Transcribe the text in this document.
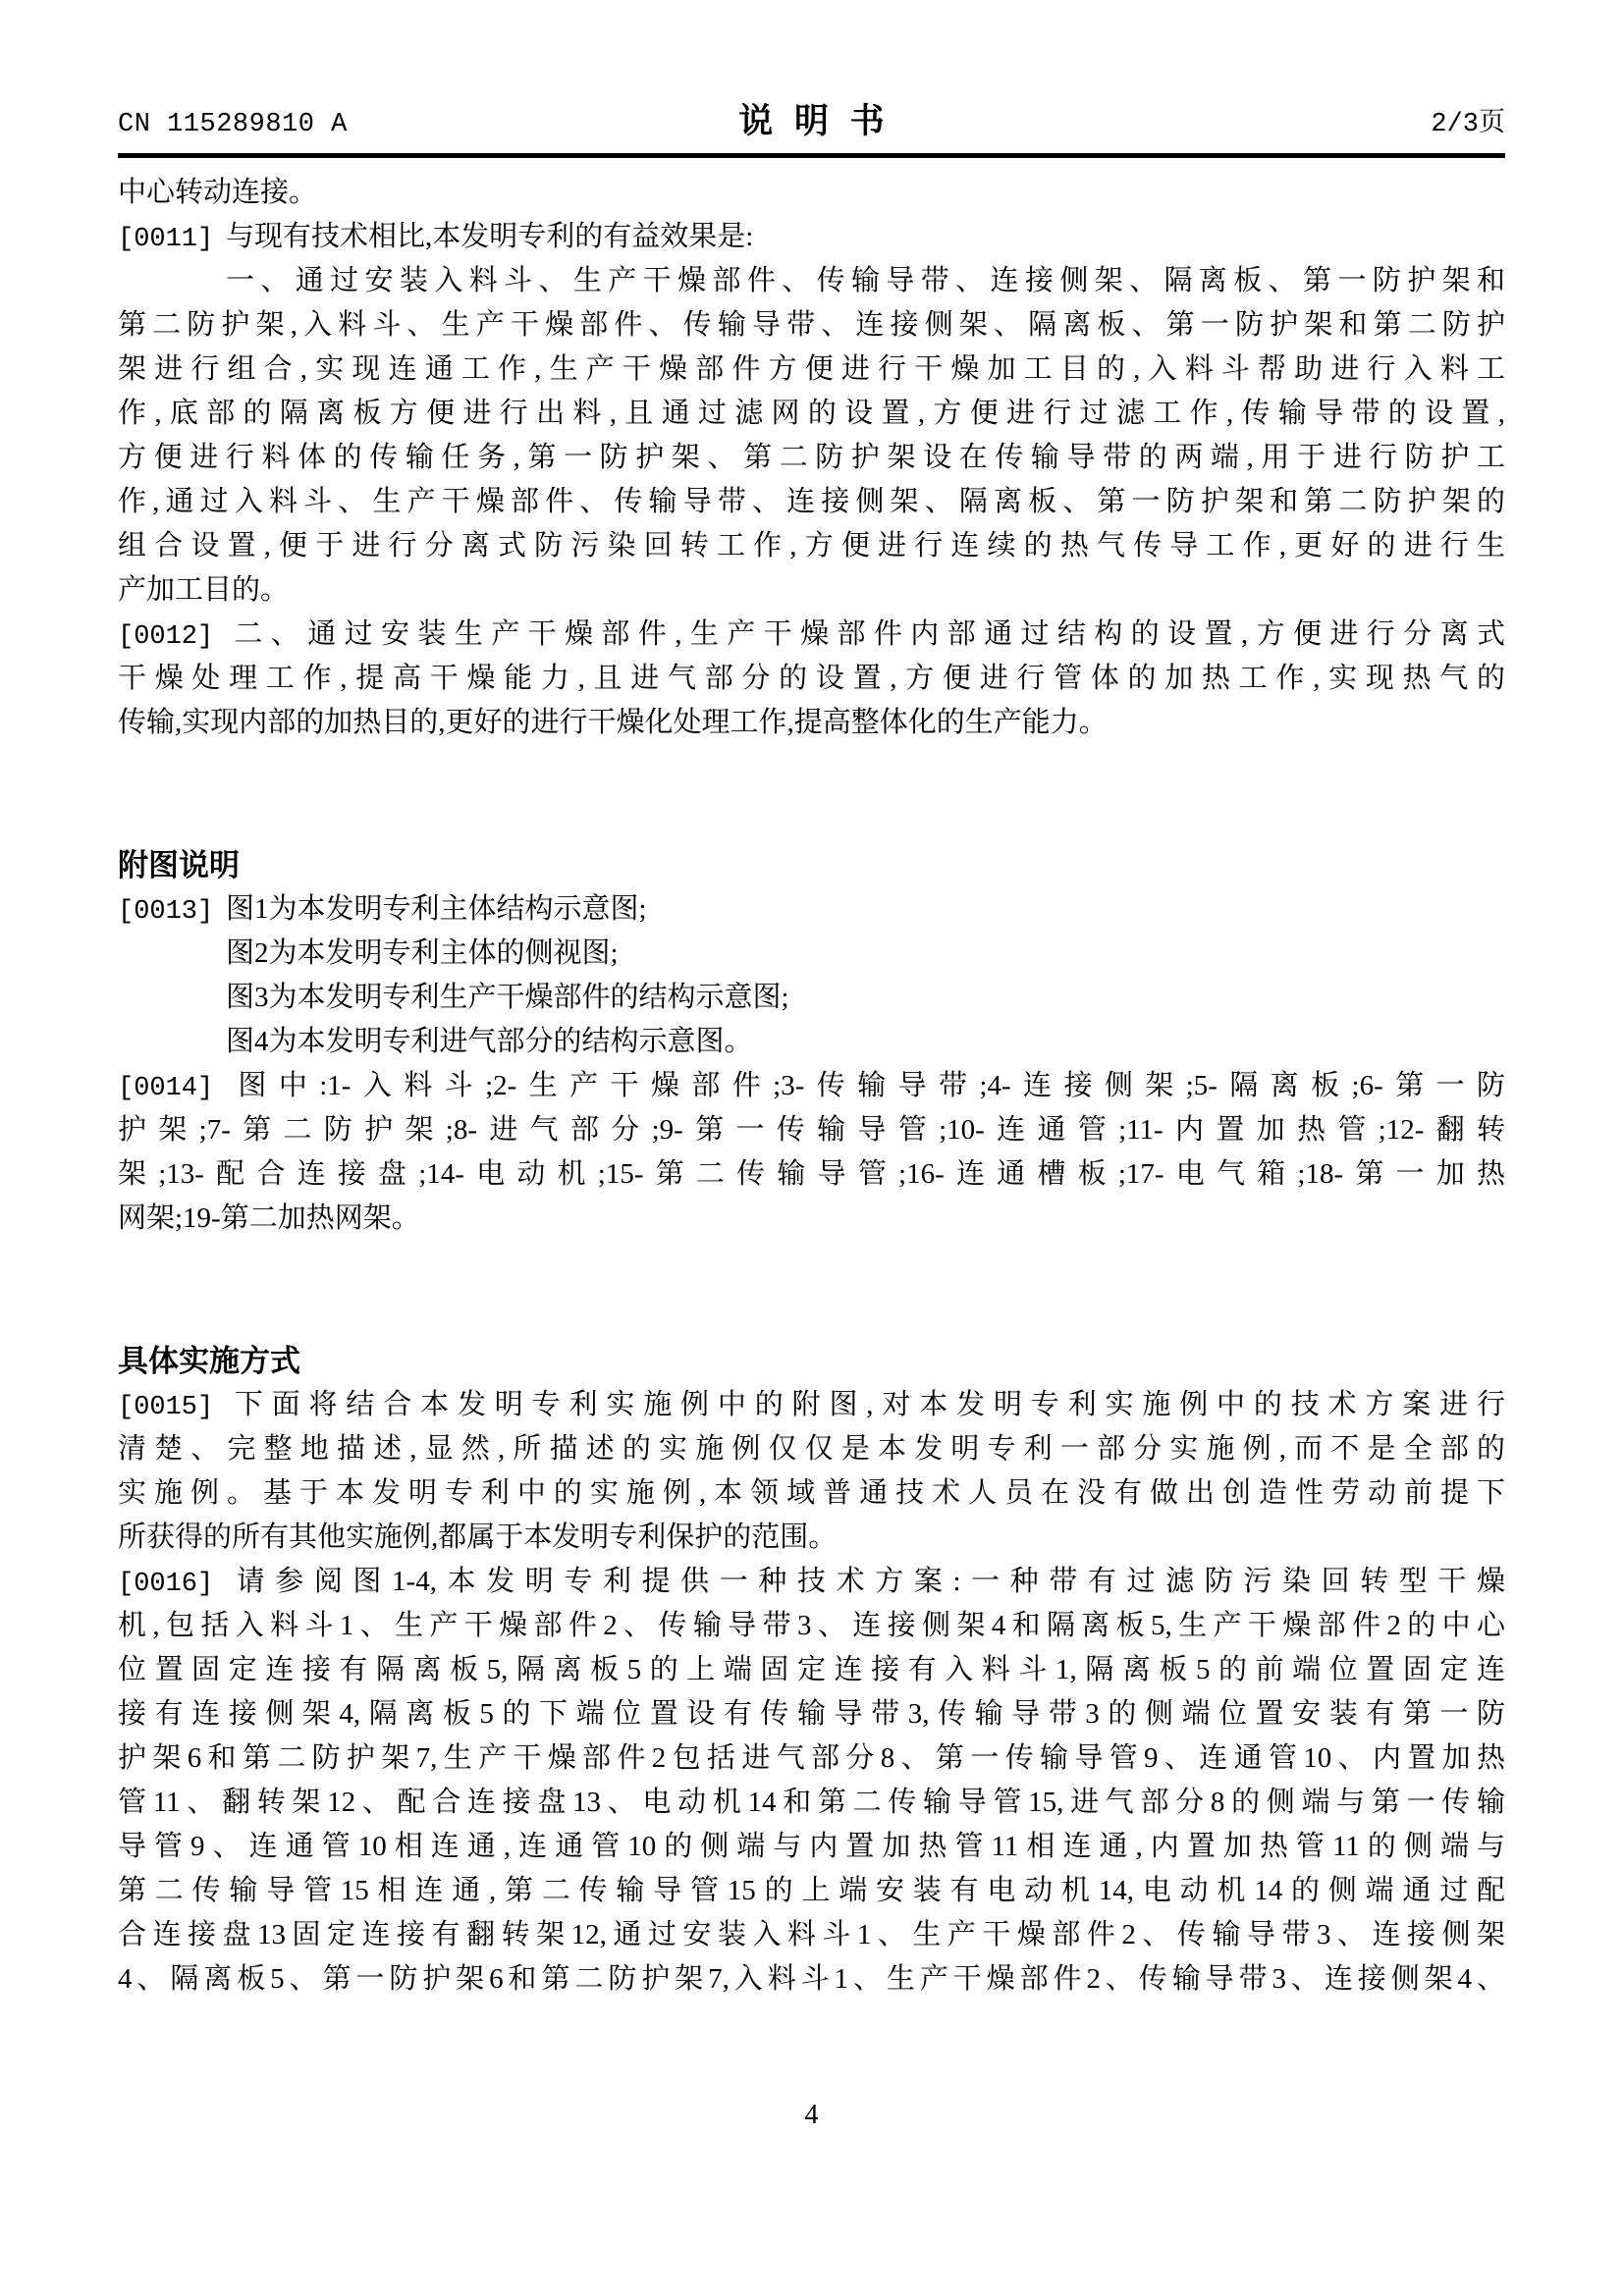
CN 115289810 A	说明书	2/3页
中心转动连接。
[0011] 与现有技术相比,本发明专利的有益效果是:
一、通过安装入料斗、生产干燥部件、传输导带、连接侧架、隔离板、第一防护架和
第二防护架,入料斗、生产干燥部件、传输导带、连接侧架、隔离板、第一防护架和第二防护
架进行组合,实现连通工作,生产干燥部件方便进行干燥加工目的,入料斗帮助进行入料工
作,底部的隔离板方便进行出料,且通过滤网的设置,方便进行过滤工作,传输导带的设置,
方便进行料体的传输任务,第一防护架、第二防护架设在传输导带的两端,用于进行防护工
作,通过入料斗、生产干燥部件、传输导带、连接侧架、隔离板、第一防护架和第二防护架的
组合设置,便于进行分离式防污染回转工作,方便进行连续的热气传导工作,更好的进行生
产加工目的。
[0012] 二、通过安装生产干燥部件,生产干燥部件内部通过结构的设置,方便进行分离式
干燥处理工作,提高干燥能力,且进气部分的设置,方便进行管体的加热工作,实现热气的
传输,实现内部的加热目的,更好的进行干燥化处理工作,提高整体化的生产能力。
附图说明
[0013] 图1为本发明专利主体结构示意图;
图2为本发明专利主体的侧视图;
图3为本发明专利生产干燥部件的结构示意图;
图4为本发明专利进气部分的结构示意图。
[0014] 图中:1-入料斗;2-生产干燥部件;3-传输导带;4-连接侧架;5-隔离板;6-第一防
护架;7-第二防护架;8-进气部分;9-第一传输导管;10-连通管;11-内置加热管;12-翻转
架;13-配合连接盘;14-电动机;15-第二传输导管;16-连通槽板;17-电气箱;18-第一加热
网架;19-第二加热网架。
具体实施方式
[0015] 下面将结合本发明专利实施例中的附图,对本发明专利实施例中的技术方案进行
清楚、完整地描述,显然,所描述的实施例仅仅是本发明专利一部分实施例,而不是全部的
实施例。基于本发明专利中的实施例,本领域普通技术人员在没有做出创造性劳动前提下
所获得的所有其他实施例,都属于本发明专利保护的范围。
[0016] 请参阅图1-4,本发明专利提供一种技术方案:一种带有过滤防污染回转型干燥
机,包括入料斗1、生产干燥部件2、传输导带3、连接侧架4和隔离板5,生产干燥部件2的中心
位置固定连接有隔离板5,隔离板5的上端固定连接有入料斗1,隔离板5的前端位置固定连
接有连接侧架4,隔离板5的下端位置设有传输导带3,传输导带3的侧端位置安装有第一防
护架6和第二防护架7,生产干燥部件2包括进气部分8、第一传输导管9、连通管10、内置加热
管11、翻转架12、配合连接盘13、电动机14和第二传输导管15,进气部分8的侧端与第一传输
导管9、连通管10相连通,连通管10的侧端与内置加热管11相连通,内置加热管11的侧端与
第二传输导管15相连通,第二传输导管15的上端安装有电动机14,电动机14的侧端通过配
合连接盘13固定连接有翻转架12,通过安装入料斗1、生产干燥部件2、传输导带3、连接侧架
4、隔离板5、第一防护架6和第二防护架7,入料斗1、生产干燥部件2、传输导带3、连接侧架4、
4
